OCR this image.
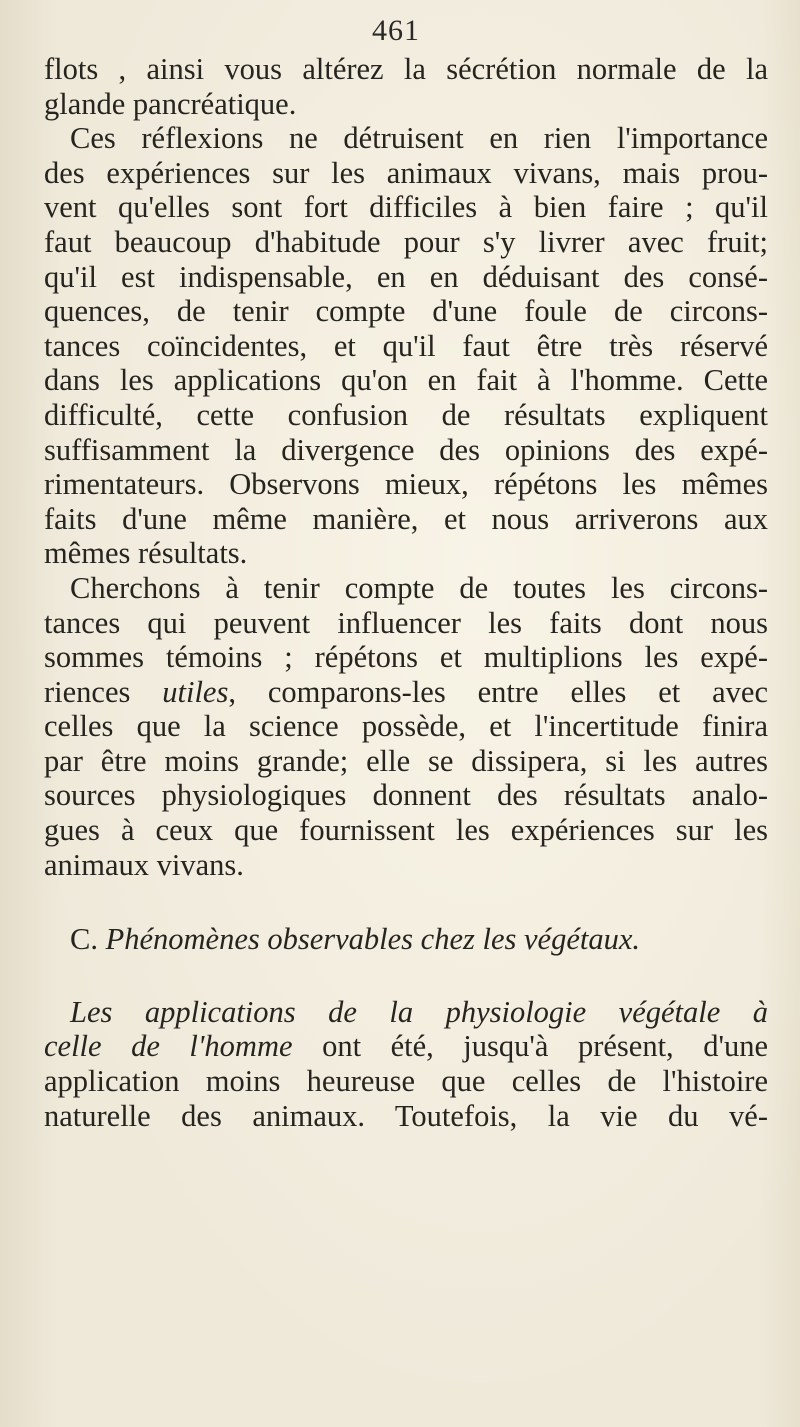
461
flots , ainsi vous altérez la sécrétion normale de la
glande pancréatique.
Ces réflexions ne détruisent en rien l'importance
des expériences sur les animaux vivans, mais prou-
vent qu'elles sont fort difficiles à bien faire ; qu'il
faut beaucoup d'habitude pour s'y livrer avec fruit;
qu'il est indispensable, en en déduisant des consé-
quences, de tenir compte d'une foule de circons-
tances coïncidentes, et qu'il faut être très réservé
dans les applications qu'on en fait à l'homme. Cette
difficulté, cette confusion de résultats expliquent
suffisamment la divergence des opinions des expé-
rimentateurs. Observons mieux, répétons les mêmes
faits d'une même manière, et nous arriverons aux
mêmes résultats.
Cherchons à tenir compte de toutes les circons-
tances qui peuvent influencer les faits dont nous
sommes témoins ; répétons et multiplions les expé-
riences utiles, comparons-les entre elles et avec
celles que la science possède, et l'incertitude finira
par être moins grande; elle se dissipera, si les autres
sources physiologiques donnent des résultats analo-
gues à ceux que fournissent les expériences sur les
animaux vivans.
C. Phénomènes observables chez les végétaux.
Les applications de la physiologie végétale à
celle de l'homme ont été, jusqu'à présent, d'une
application moins heureuse que celles de l'histoire
naturelle des animaux. Toutefois, la vie du vé-
